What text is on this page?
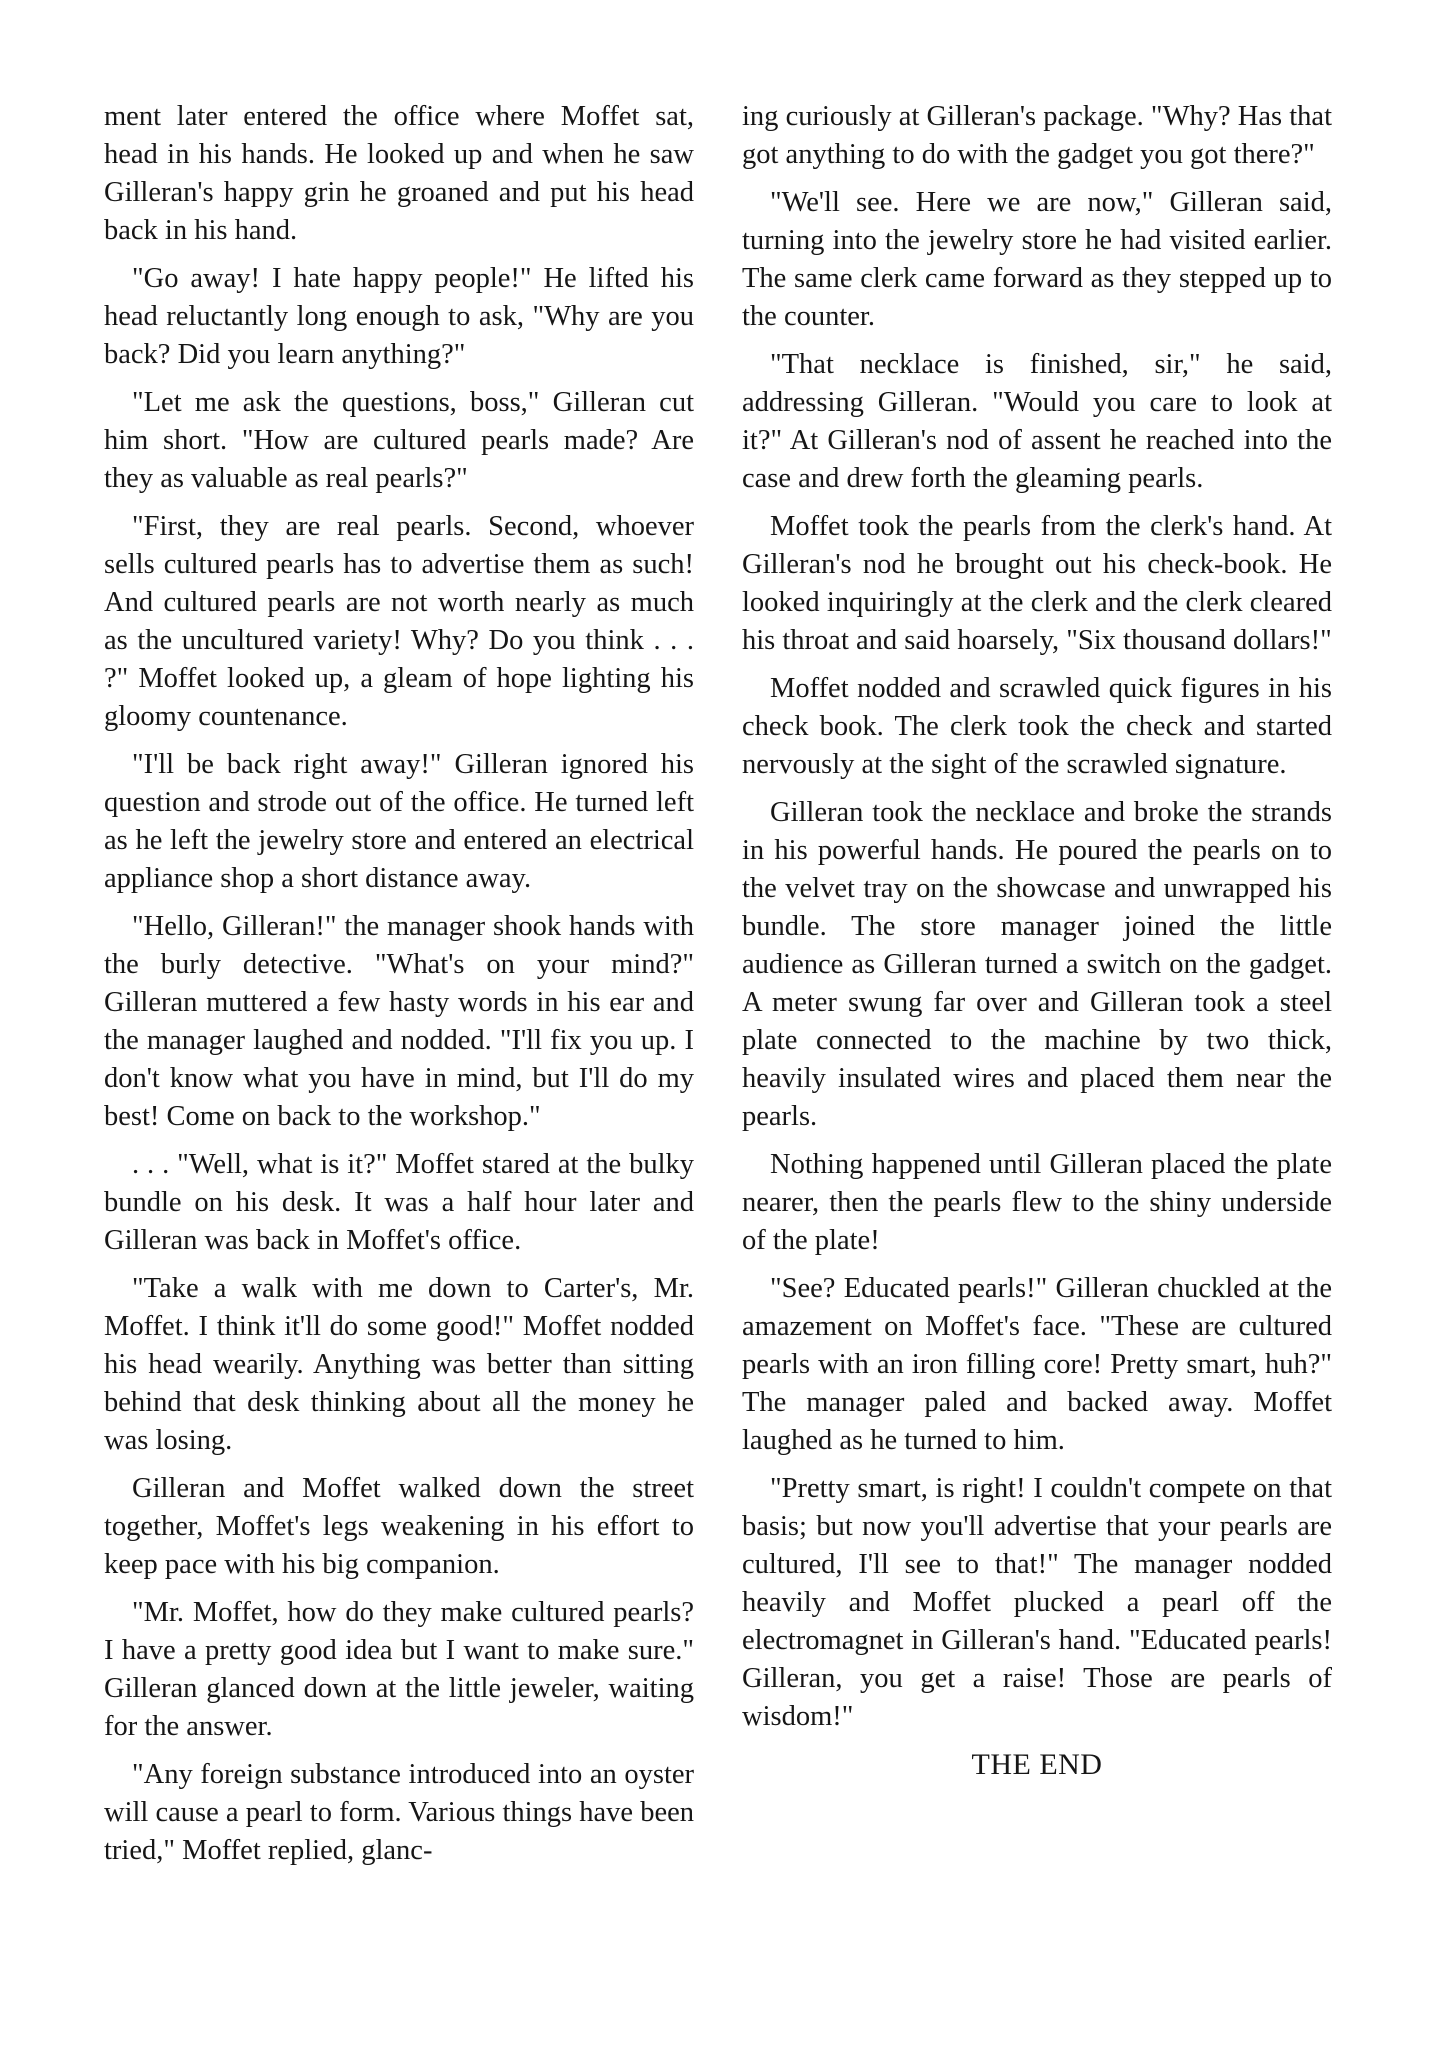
ment later entered the office where Moffet sat, head in his hands. He looked up and when he saw Gilleran's happy grin he groaned and put his head back in his hand.

"Go away! I hate happy people!" He lifted his head reluctantly long enough to ask, "Why are you back? Did you learn anything?"

"Let me ask the questions, boss," Gilleran cut him short. "How are cultured pearls made? Are they as valuable as real pearls?"

"First, they are real pearls. Second, whoever sells cultured pearls has to advertise them as such! And cultured pearls are not worth nearly as much as the uncultured variety! Why? Do you think . . . ?" Moffet looked up, a gleam of hope lighting his gloomy countenance.

"I'll be back right away!" Gilleran ignored his question and strode out of the office. He turned left as he left the jewelry store and entered an electrical appliance shop a short distance away.

"Hello, Gilleran!" the manager shook hands with the burly detective. "What's on your mind?" Gilleran muttered a few hasty words in his ear and the manager laughed and nodded. "I'll fix you up. I don't know what you have in mind, but I'll do my best! Come on back to the workshop."

. . . "Well, what is it?" Moffet stared at the bulky bundle on his desk. It was a half hour later and Gilleran was back in Moffet's office.

"Take a walk with me down to Carter's, Mr. Moffet. I think it'll do some good!" Moffet nodded his head wearily. Anything was better than sitting behind that desk thinking about all the money he was losing.

Gilleran and Moffet walked down the street together, Moffet's legs weakening in his effort to keep pace with his big companion.

"Mr. Moffet, how do they make cultured pearls? I have a pretty good idea but I want to make sure." Gilleran glanced down at the little jeweler, waiting for the answer.

"Any foreign substance introduced into an oyster will cause a pearl to form. Various things have been tried," Moffet replied, glanc-

ing curiously at Gilleran's package. "Why? Has that got anything to do with the gadget you got there?"

"We'll see. Here we are now," Gilleran said, turning into the jewelry store he had visited earlier. The same clerk came forward as they stepped up to the counter.

"That necklace is finished, sir," he said, addressing Gilleran. "Would you care to look at it?" At Gilleran's nod of assent he reached into the case and drew forth the gleaming pearls.

Moffet took the pearls from the clerk's hand. At Gilleran's nod he brought out his check-book. He looked inquiringly at the clerk and the clerk cleared his throat and said hoarsely, "Six thousand dollars!"

Moffet nodded and scrawled quick figures in his check book. The clerk took the check and started nervously at the sight of the scrawled signature.

Gilleran took the necklace and broke the strands in his powerful hands. He poured the pearls on to the velvet tray on the showcase and unwrapped his bundle. The store manager joined the little audience as Gilleran turned a switch on the gadget. A meter swung far over and Gilleran took a steel plate connected to the machine by two thick, heavily insulated wires and placed them near the pearls.

Nothing happened until Gilleran placed the plate nearer, then the pearls flew to the shiny underside of the plate!

"See? Educated pearls!" Gilleran chuckled at the amazement on Moffet's face. "These are cultured pearls with an iron filling core! Pretty smart, huh?" The manager paled and backed away. Moffet laughed as he turned to him.

"Pretty smart, is right! I couldn't compete on that basis; but now you'll advertise that your pearls are cultured, I'll see to that!" The manager nodded heavily and Moffet plucked a pearl off the electromagnet in Gilleran's hand. "Educated pearls! Gilleran, you get a raise! Those are pearls of wisdom!"

THE END
